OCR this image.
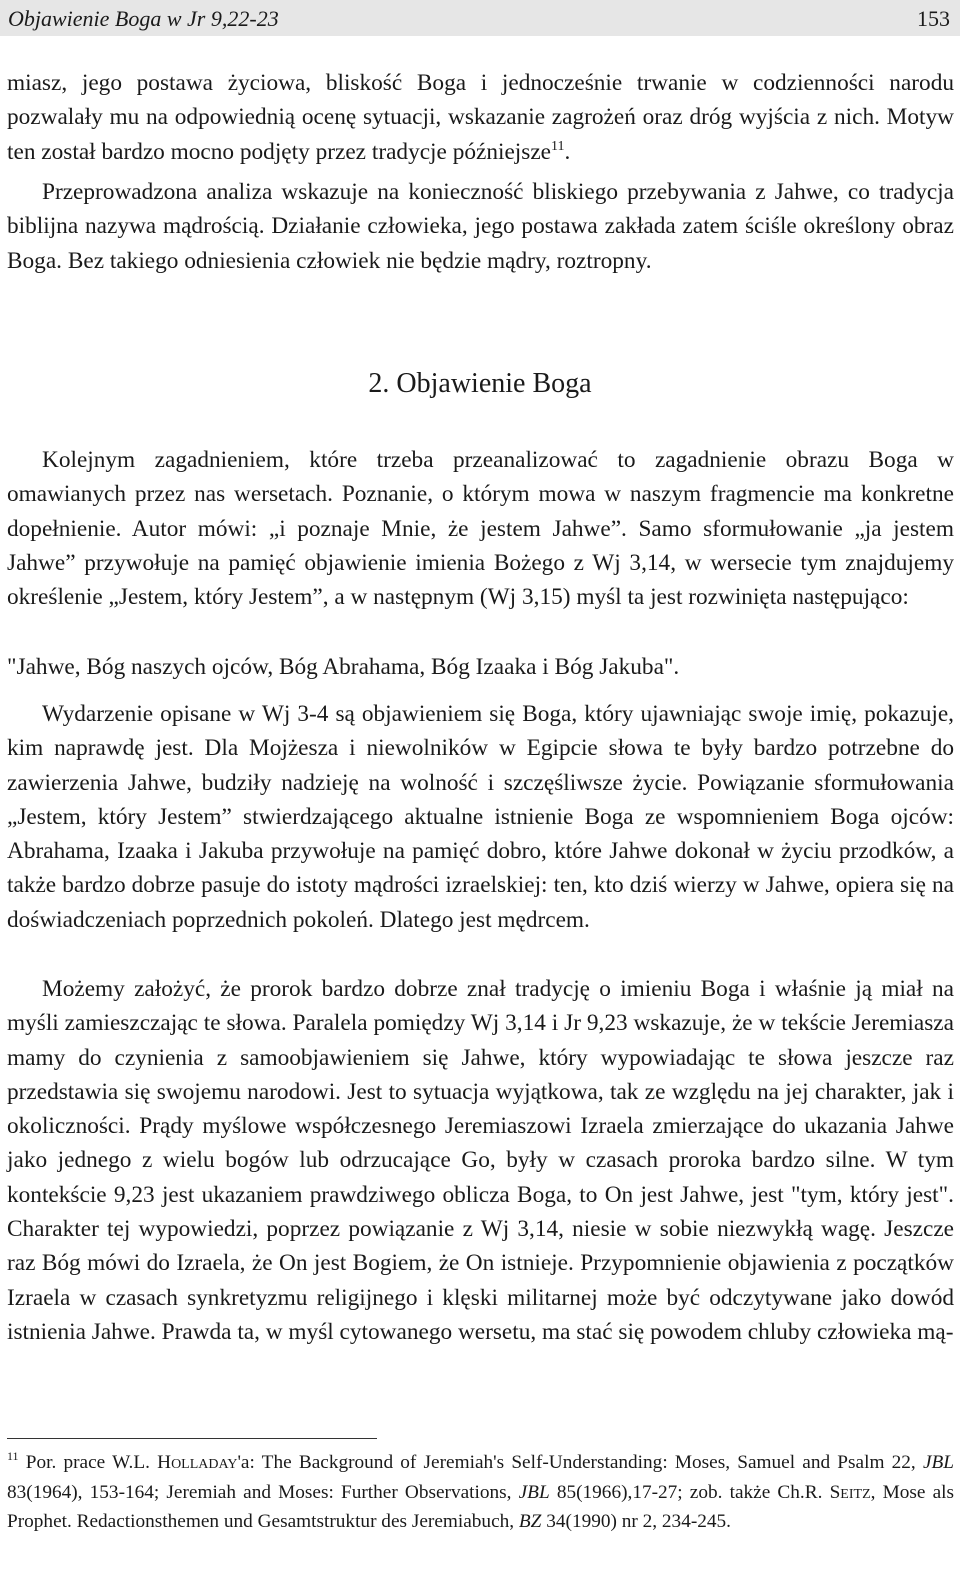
Objawienie Boga w Jr 9,22-23	153

miasz, jego postawa życiowa, bliskość Boga i jednocześnie trwanie w codzienności narodu pozwalały mu na odpowiednią ocenę sytuacji, wskazanie zagrożeń oraz dróg wyjścia z nich. Motyw ten został bardzo mocno podjęty przez tradycje późniejsze$^{11}$.

Przeprowadzona analiza wskazuje na konieczność bliskiego przebywania z Jahwe, co tradycja biblijna nazywa mądrością. Działanie człowieka, jego postawa zakłada zatem ściśle określony obraz Boga. Bez takiego odniesienia człowiek nie będzie mądry, roztropny.

2. Objawienie Boga

Kolejnym zagadnieniem, które trzeba przeanalizować to zagadnienie obrazu Boga w omawianych przez nas wersetach. Poznanie, o którym mowa w naszym fragmencie ma konkretne dopełnienie. Autor mówi: „i poznaje Mnie, że jestem Jahwe”. Samo sformułowanie „ja jestem Jahwe” przywołuje na pamięć objawienie imienia Bożego z Wj 3,14, w wersecie tym znajdujemy określenie „Jestem, który Jestem”, a w następnym (Wj 3,15) myśl ta jest rozwinięta następująco:

"Jahwe, Bóg naszych ojców, Bóg Abrahama, Bóg Izaaka i Bóg Jakuba".

Wydarzenie opisane w Wj 3-4 są objawieniem się Boga, który ujawniając swoje imię, pokazuje, kim naprawdę jest. Dla Mojżesza i niewolników w Egipcie słowa te były bardzo potrzebne do zawierzenia Jahwe, budziły nadzieję na wolność i szczęśliwsze życie. Powiązanie sformułowania „Jestem, który Jestem” stwierdzającego aktualne istnienie Boga ze wspomnieniem Boga ojców: Abrahama, Izaaka i Jakuba przywołuje na pamięć dobro, które Jahwe dokonał w życiu przodków, a także bardzo dobrze pasuje do istoty mądrości izraelskiej: ten, kto dziś wierzy w Jahwe, opiera się na doświadczeniach poprzednich pokoleń. Dlatego jest mędrcem.

Możemy założyć, że prorok bardzo dobrze znał tradycję o imieniu Boga i właśnie ją miał na myśli zamieszczając te słowa. Paralela pomiędzy Wj 3,14 i Jr 9,23 wskazuje, że w tekście Jeremiasza mamy do czynienia z samoobjawieniem się Jahwe, który wypowiadając te słowa jeszcze raz przedstawia się swojemu narodowi. Jest to sytuacja wyjątkowa, tak ze względu na jej charakter, jak i okoliczności. Prądy myślowe współczesnego Jeremiaszowi Izraela zmierzające do ukazania Jahwe jako jednego z wielu bogów lub odrzucające Go, były w czasach proroka bardzo silne. W tym kontekście 9,23 jest ukazaniem prawdziwego oblicza Boga, to On jest Jahwe, jest "tym, który jest". Charakter tej wypowiedzi, poprzez powiązanie z Wj 3,14, niesie w sobie niezwykłą wagę. Jeszcze raz Bóg mówi do Izraela, że On jest Bogiem, że On istnieje. Przypomnienie objawienia z początków Izraela w czasach synkretyzmu religijnego i klęski militarnej może być odczytywane jako dowód istnienia Jahwe. Prawda ta, w myśl cytowanego wersetu, ma stać się powodem chluby człowieka mą-

$^{11}$ Por. prace W.L. Holladay'a: The Background of Jeremiah's Self-Understanding: Moses, Samuel and Psalm 22, JBL 83(1964), 153-164; Jeremiah and Moses: Further Observations, JBL 85(1966),17-27; zob. także Ch.R. Seitz, Mose als Prophet. Redactionsthemen und Gesamtstruktur des Jeremiabuch, BZ 34(1990) nr 2, 234-245.
